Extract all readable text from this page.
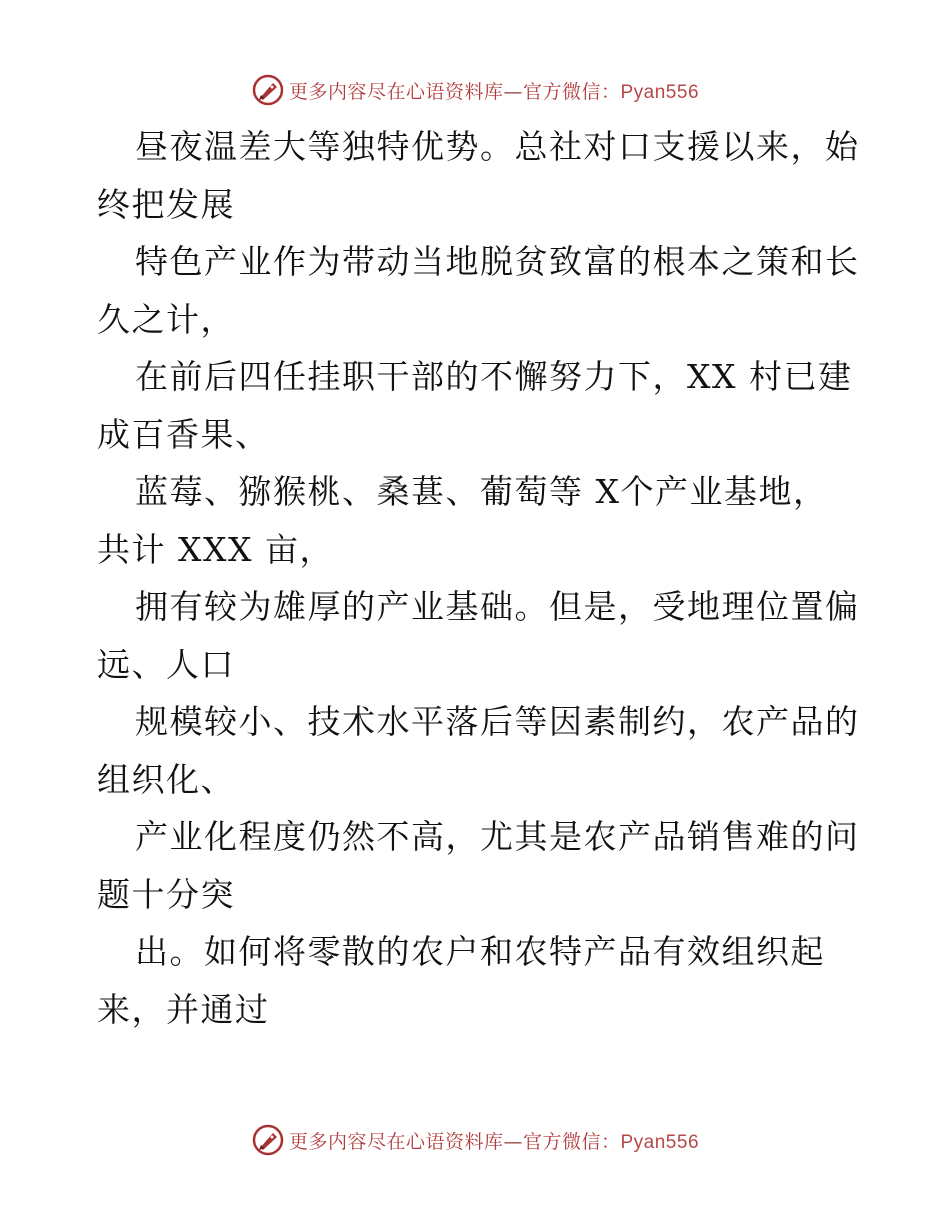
更多内容尽在心语资料库—官方微信：Pyan556
昼夜温差大等独特优势。总社对口支援以来，始
终把发展
特色产业作为带动当地脱贫致富的根本之策和长
久之计，
在前后四任挂职干部的不懈努力下，XX 村已建
成百香果、
蓝莓、猕猴桃、桑葚、葡萄等 X个产业基地，
共计 XXX 亩，
拥有较为雄厚的产业基础。但是，受地理位置偏
远、人口
规模较小、技术水平落后等因素制约，农产品的
组织化、
产业化程度仍然不高，尤其是农产品销售难的问
题十分突
出。如何将零散的农户和农特产品有效组织起
来，并通过
更多内容尽在心语资料库—官方微信：Pyan556
